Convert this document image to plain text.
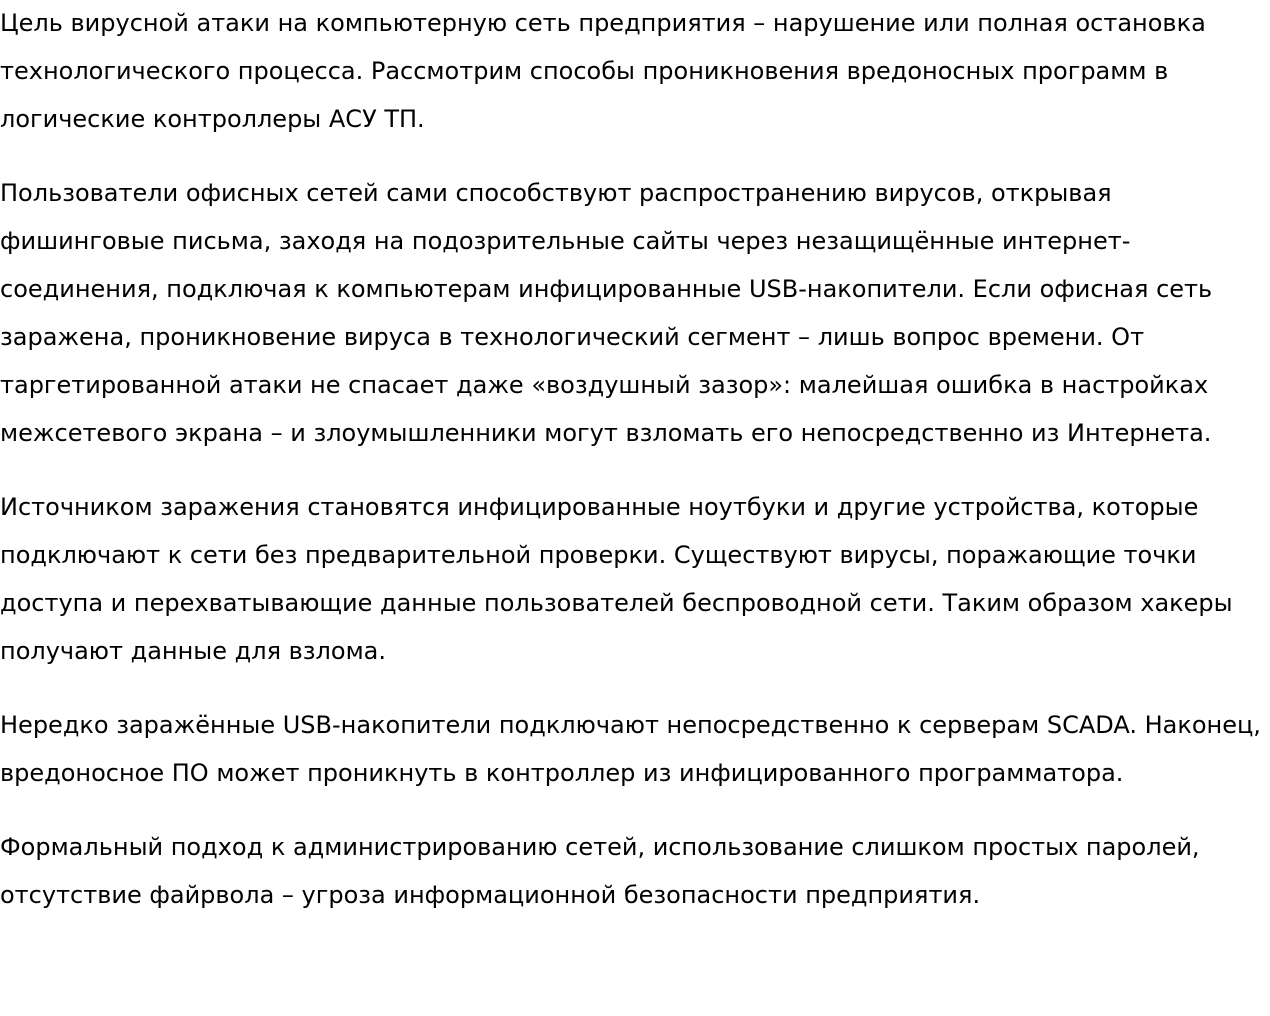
Цель вирусной атаки на компьютерную сеть предприятия – нарушение или полная остановка технологического процесса. Рассмотрим способы проникновения вредоносных программ в логические контроллеры АСУ ТП.

Пользователи офисных сетей сами способствуют распространению вирусов, открывая фишинговые письма, заходя на подозрительные сайты через незащищённые интернет-соединения, подключая к компьютерам инфицированные USB-накопители. Если офисная сеть заражена, проникновение вируса в технологический сегмент – лишь вопрос времени. От таргетированной атаки не спасает даже «воздушный зазор»: малейшая ошибка в настройках межсетевого экрана – и злоумышленники могут взломать его непосредственно из Интернета.

Источником заражения становятся инфицированные ноутбуки и другие устройства, которые подключают к сети без предварительной проверки. Существуют вирусы, поражающие точки доступа и перехватывающие данные пользователей беспроводной сети. Таким образом хакеры получают данные для взлома.

Нередко заражённые USB-накопители подключают непосредственно к серверам SCADA. Наконец, вредоносное ПО может проникнуть в контроллер из инфицированного программатора.

Формальный подход к администрированию сетей, использование слишком простых паролей, отсутствие файрвола – угроза информационной безопасности предприятия.
